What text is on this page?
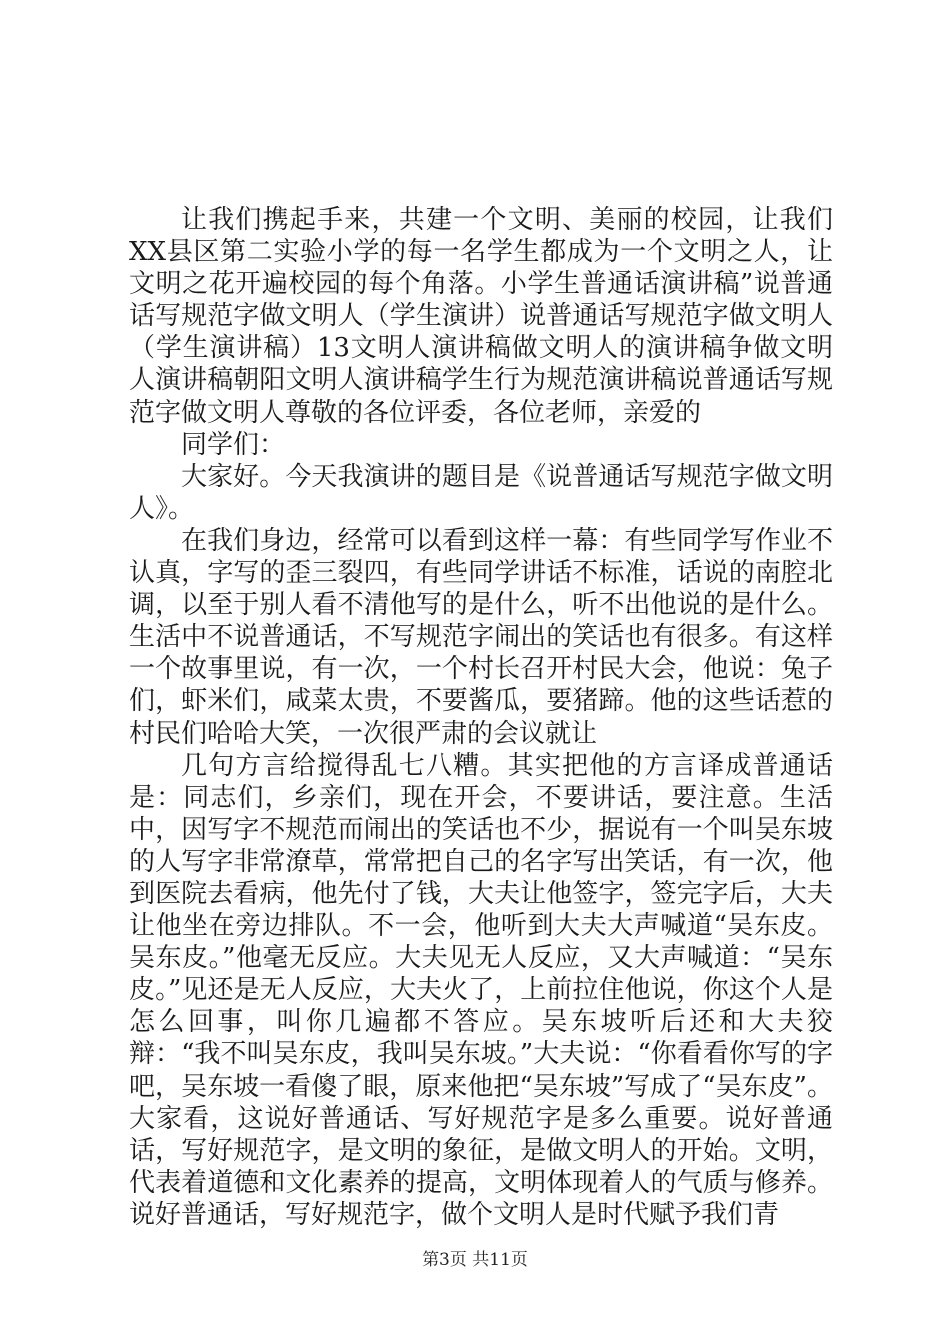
让我们携起手来，共建一个文明、美丽的校园，让我们XX县区第二实验小学的每一名学生都成为一个文明之人，让文明之花开遍校园的每个角落。小学生普通话演讲稿”说普通话写规范字做文明人（学生演讲）说普通话写规范字做文明人（学生演讲稿）13文明人演讲稿做文明人的演讲稿争做文明人演讲稿朝阳文明人演讲稿学生行为规范演讲稿说普通话写规范字做文明人尊敬的各位评委，各位老师，亲爱的

同学们：

大家好。今天我演讲的题目是《说普通话写规范字做文明人》。

在我们身边，经常可以看到这样一幕：有些同学写作业不认真，字写的歪三裂四，有些同学讲话不标准，话说的南腔北调，以至于别人看不清他写的是什么，听不出他说的是什么。生活中不说普通话，不写规范字闹出的笑话也有很多。有这样一个故事里说，有一次，一个村长召开村民大会，他说：兔子们，虾米们，咸菜太贵，不要酱瓜，要猪蹄。他的这些话惹的村民们哈哈大笑，一次很严肃的会议就让

几句方言给搅得乱七八糟。其实把他的方言译成普通话是：同志们，乡亲们，现在开会，不要讲话，要注意。生活中，因写字不规范而闹出的笑话也不少，据说有一个叫吴东坡的人写字非常潦草，常常把自己的名字写出笑话，有一次，他到医院去看病，他先付了钱，大夫让他签字，签完字后，大夫让他坐在旁边排队。不一会，他听到大夫大声喊道“吴东皮。吴东皮。”他毫无反应。大夫见无人反应，又大声喊道：“吴东皮。”见还是无人反应，大夫火了，上前拉住他说，你这个人是怎么回事，叫你几遍都不答应。吴东坡听后还和大夫狡辩：“我不叫吴东皮，我叫吴东坡。”大夫说：“你看看你写的字吧，吴东坡一看傻了眼，原来他把“吴东坡”写成了“吴东皮”。大家看，这说好普通话、写好规范字是多么重要。说好普通话，写好规范字，是文明的象征，是做文明人的开始。文明，代表着道德和文化素养的提高，文明体现着人的气质与修养。说好普通话，写好规范字，做个文明人是时代赋予我们青

第3页 共11页
